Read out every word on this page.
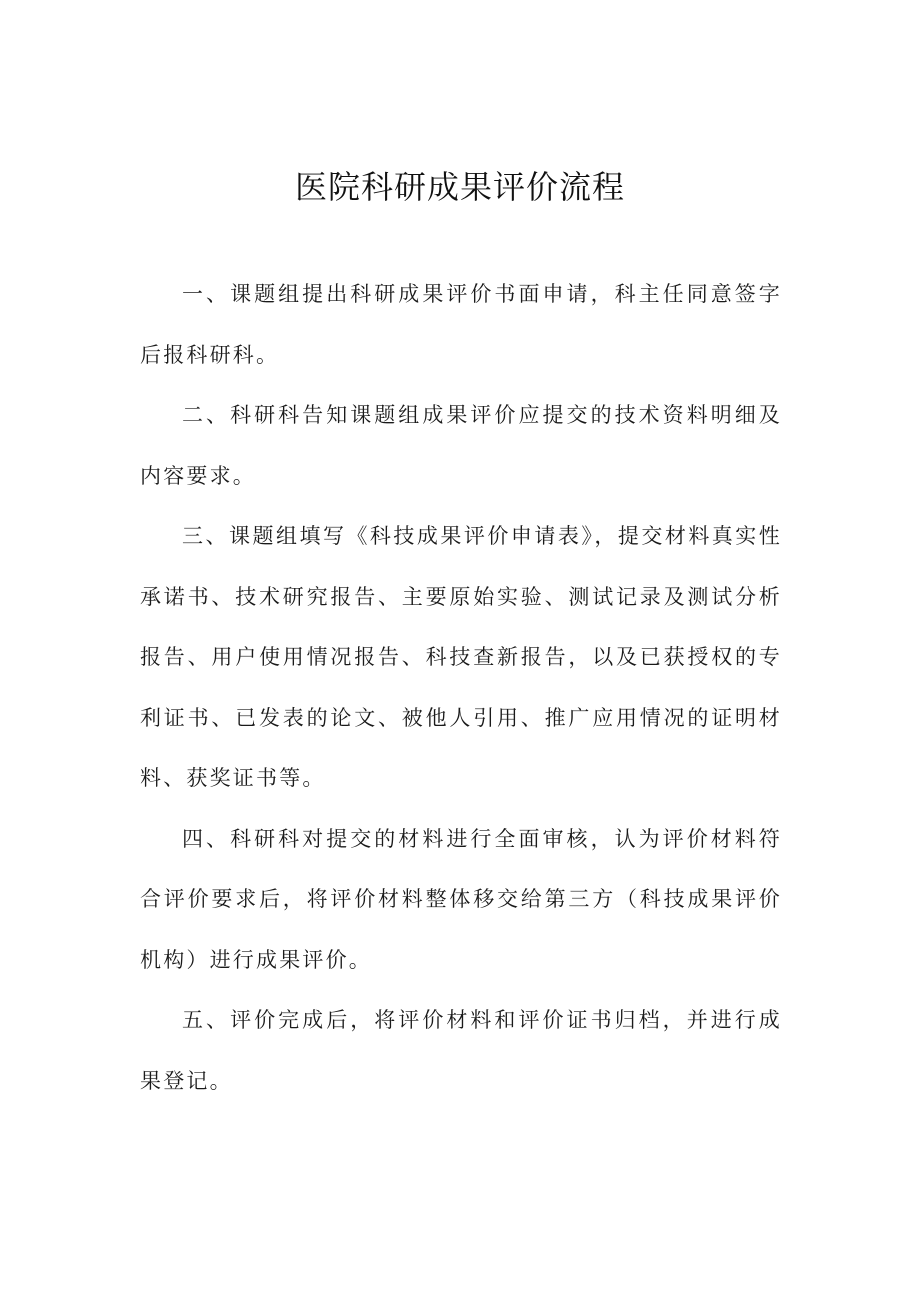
医院科研成果评价流程

一、课题组提出科研成果评价书面申请，科主任同意签字后报科研科。

二、科研科告知课题组成果评价应提交的技术资料明细及内容要求。

三、课题组填写《科技成果评价申请表》，提交材料真实性承诺书、技术研究报告、主要原始实验、测试记录及测试分析报告、用户使用情况报告、科技查新报告，以及已获授权的专利证书、已发表的论文、被他人引用、推广应用情况的证明材料、获奖证书等。

四、科研科对提交的材料进行全面审核，认为评价材料符合评价要求后，将评价材料整体移交给第三方（科技成果评价机构）进行成果评价。

五、评价完成后，将评价材料和评价证书归档，并进行成果登记。
